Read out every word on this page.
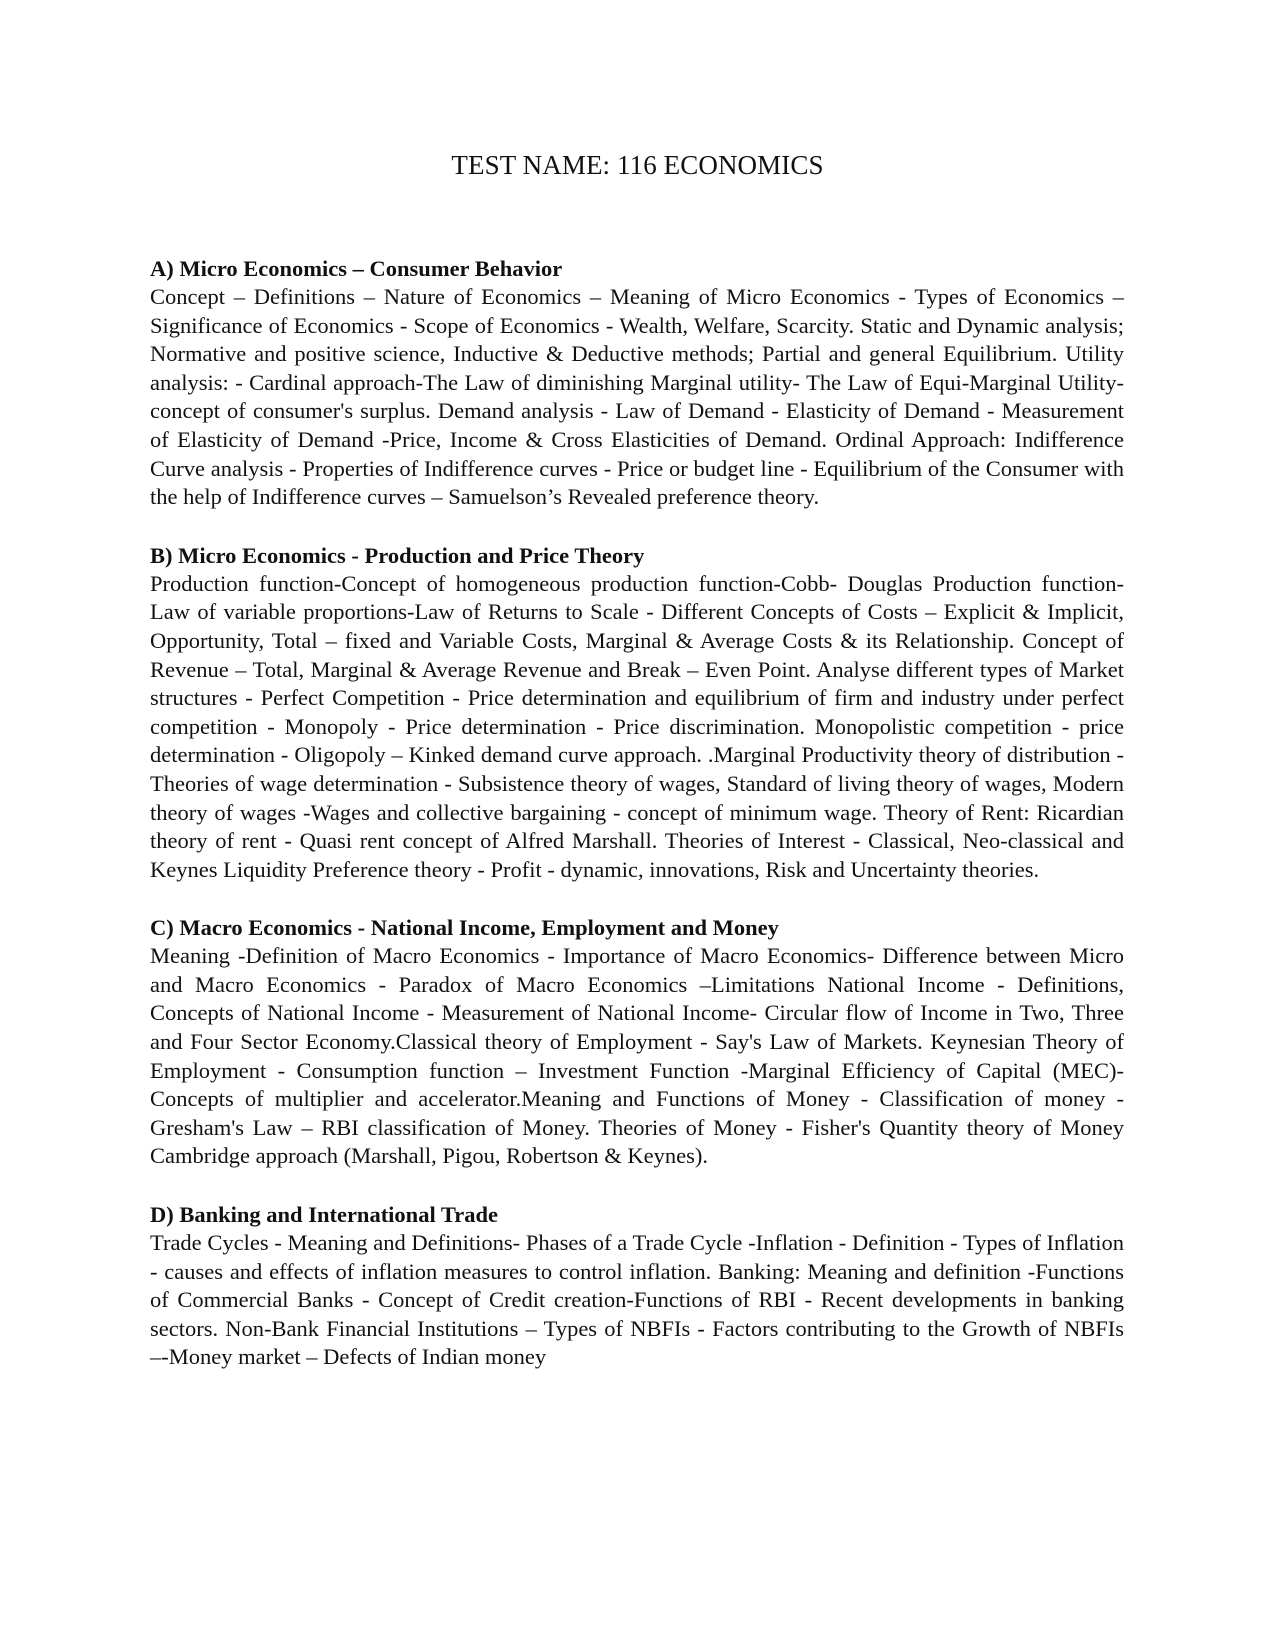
TEST NAME: 116 ECONOMICS

A) Micro Economics – Consumer Behavior

Concept – Definitions – Nature of Economics – Meaning of Micro Economics - Types of Economics – Significance of Economics - Scope of Economics - Wealth, Welfare, Scarcity. Static and Dynamic analysis; Normative and positive science, Inductive & Deductive methods; Partial and general Equilibrium. Utility analysis: - Cardinal approach-The Law of diminishing Marginal utility- The Law of Equi-Marginal Utility- concept of consumer's surplus. Demand analysis - Law of Demand - Elasticity of Demand - Measurement of Elasticity of Demand -Price, Income & Cross Elasticities of Demand. Ordinal Approach: Indifference Curve analysis - Properties of Indifference curves - Price or budget line - Equilibrium of the Consumer with the help of Indifference curves – Samuelson’s Revealed preference theory.

B) Micro Economics - Production and Price Theory

Production function-Concept of homogeneous production function-Cobb- Douglas Production function- Law of variable proportions-Law of Returns to Scale - Different Concepts of Costs – Explicit & Implicit, Opportunity, Total – fixed and Variable Costs, Marginal & Average Costs & its Relationship. Concept of Revenue – Total, Marginal & Average Revenue and Break – Even Point. Analyse different types of Market structures - Perfect Competition - Price determination and equilibrium of firm and industry under perfect competition - Monopoly - Price determination - Price discrimination. Monopolistic competition - price determination - Oligopoly – Kinked demand curve approach. .Marginal Productivity theory of distribution - Theories of wage determination - Subsistence theory of wages, Standard of living theory of wages, Modern theory of wages -Wages and collective bargaining - concept of minimum wage. Theory of Rent: Ricardian theory of rent - Quasi rent concept of Alfred Marshall. Theories of Interest - Classical, Neo-classical and Keynes Liquidity Preference theory - Profit - dynamic, innovations, Risk and Uncertainty theories.

C) Macro Economics - National Income, Employment and Money

Meaning -Definition of Macro Economics - Importance of Macro Economics- Difference between Micro and Macro Economics - Paradox of Macro Economics –Limitations National Income - Definitions, Concepts of National Income - Measurement of National Income- Circular flow of Income in Two, Three and Four Sector Economy.Classical theory of Employment - Say's Law of Markets. Keynesian Theory of Employment - Consumption function – Investment Function -Marginal Efficiency of Capital (MEC)- Concepts of multiplier and accelerator.Meaning and Functions of Money - Classification of money - Gresham's Law – RBI classification of Money. Theories of Money - Fisher's Quantity theory of Money Cambridge approach (Marshall, Pigou, Robertson & Keynes).

D) Banking and International Trade

Trade Cycles - Meaning and Definitions- Phases of a Trade Cycle -Inflation - Definition - Types of Inflation - causes and effects of inflation measures to control inflation. Banking: Meaning and definition -Functions of Commercial Banks - Concept of Credit creation-Functions of RBI - Recent developments in banking sectors. Non-Bank Financial Institutions – Types of NBFIs - Factors contributing to the Growth of NBFIs –-Money market – Defects of Indian money
